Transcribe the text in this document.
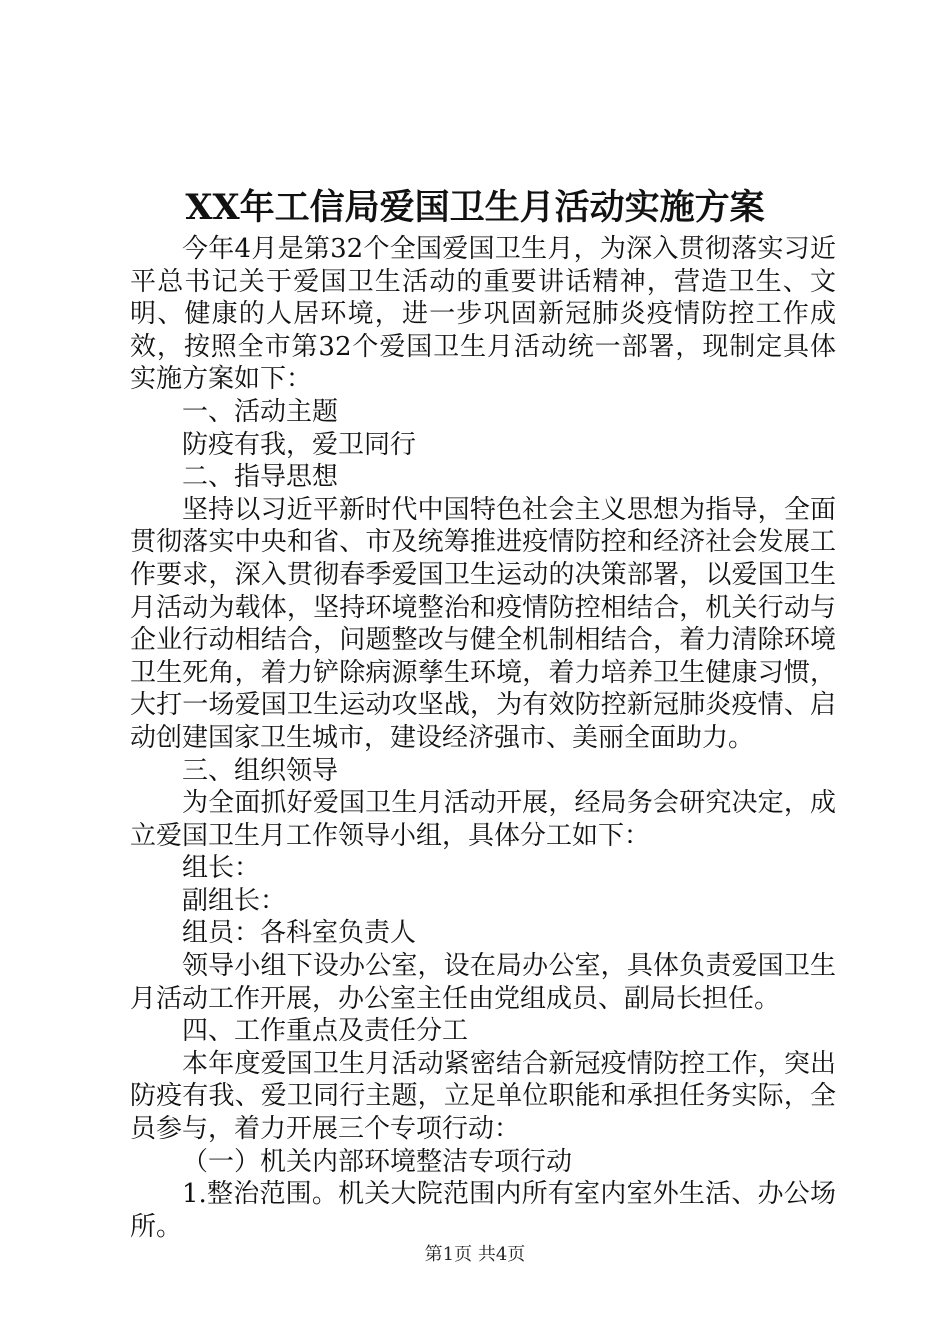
XX年工信局爱国卫生月活动实施方案

今年4月是第32个全国爱国卫生月，为深入贯彻落实习近平总书记关于爱国卫生活动的重要讲话精神，营造卫生、文明、健康的人居环境，进一步巩固新冠肺炎疫情防控工作成效，按照全市第32个爱国卫生月活动统一部署，现制定具体实施方案如下：

一、活动主题

防疫有我，爱卫同行

二、指导思想

坚持以习近平新时代中国特色社会主义思想为指导，全面贯彻落实中央和省、市及统筹推进疫情防控和经济社会发展工作要求，深入贯彻春季爱国卫生运动的决策部署，以爱国卫生月活动为载体，坚持环境整治和疫情防控相结合，机关行动与企业行动相结合，问题整改与健全机制相结合，着力清除环境卫生死角，着力铲除病源孳生环境，着力培养卫生健康习惯，大打一场爱国卫生运动攻坚战，为有效防控新冠肺炎疫情、启动创建国家卫生城市，建设经济强市、美丽全面助力。

三、组织领导

为全面抓好爱国卫生月活动开展，经局务会研究决定，成立爱国卫生月工作领导小组，具体分工如下：

组长：

副组长：

组员：各科室负责人

领导小组下设办公室，设在局办公室，具体负责爱国卫生月活动工作开展，办公室主任由党组成员、副局长担任。

四、工作重点及责任分工

本年度爱国卫生月活动紧密结合新冠疫情防控工作，突出防疫有我、爱卫同行主题，立足单位职能和承担任务实际，全员参与，着力开展三个专项行动：

（一）机关内部环境整洁专项行动

1.整治范围。机关大院范围内所有室内室外生活、办公场所。

第1页 共4页
